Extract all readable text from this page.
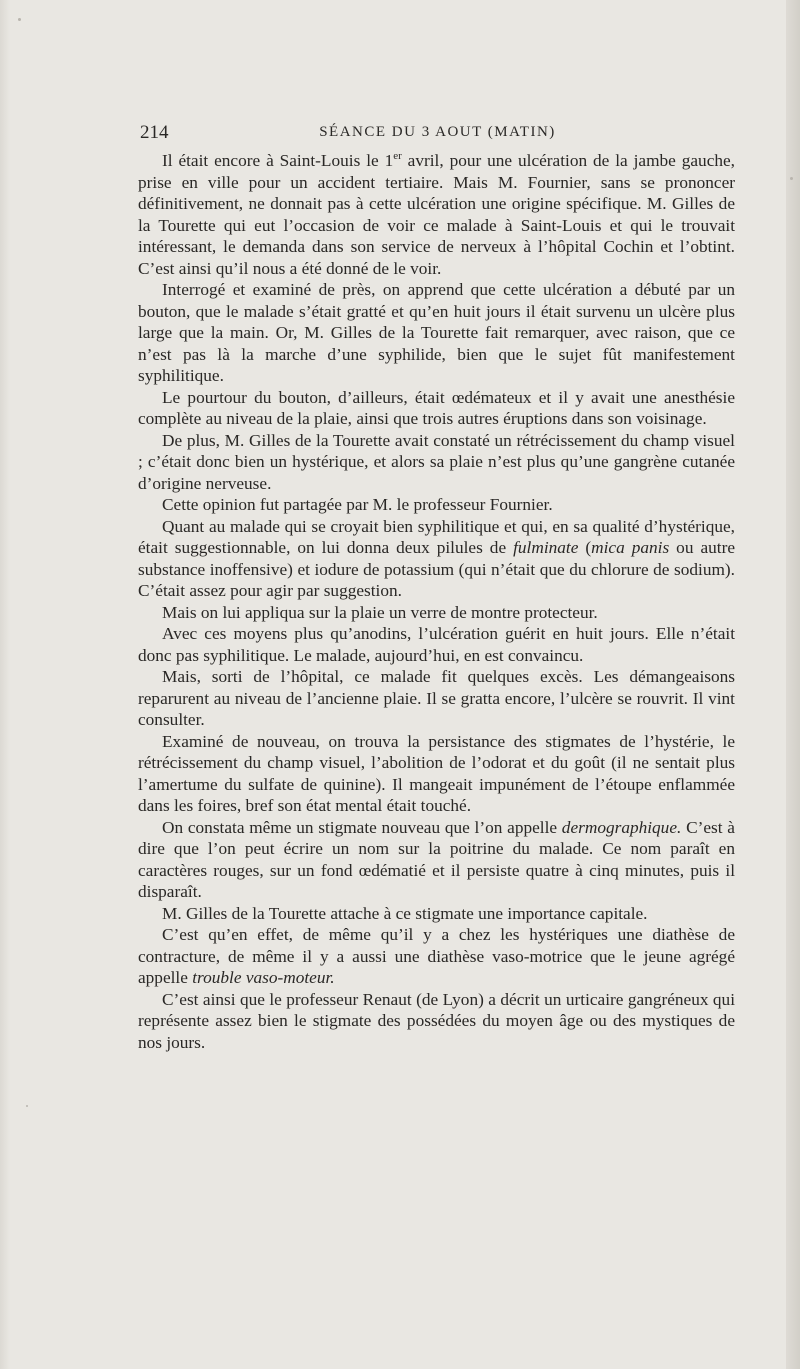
214	SÉANCE DU 3 AOUT (MATIN)

Il était encore à Saint-Louis le 1er avril, pour une ulcération de la jambe gauche, prise en ville pour un accident tertiaire. Mais M. Fournier, sans se prononcer définitivement, ne donnait pas à cette ulcération une origine spécifique. M. Gilles de la Tourette qui eut l’occasion de voir ce malade à Saint-Louis et qui le trouvait intéressant, le demanda dans son service de nerveux à l’hôpital Cochin et l’obtint. C’est ainsi qu’il nous a été donné de le voir.

Interrogé et examiné de près, on apprend que cette ulcération a débuté par un bouton, que le malade s’était gratté et qu’en huit jours il était survenu un ulcère plus large que la main. Or, M. Gilles de la Tourette fait remarquer, avec raison, que ce n’est pas là la marche d’une syphilide, bien que le sujet fût manifestement syphilitique.

Le pourtour du bouton, d’ailleurs, était œdémateux et il y avait une anesthésie complète au niveau de la plaie, ainsi que trois autres éruptions dans son voisinage.

De plus, M. Gilles de la Tourette avait constaté un rétrécissement du champ visuel ; c’était donc bien un hystérique, et alors sa plaie n’est plus qu’une gangrène cutanée d’origine nerveuse.

Cette opinion fut partagée par M. le professeur Fournier.

Quant au malade qui se croyait bien syphilitique et qui, en sa qualité d’hystérique, était suggestionnable, on lui donna deux pilules de fulminate (mica panis ou autre substance inoffensive) et iodure de potassium (qui n’était que du chlorure de sodium). C’était assez pour agir par suggestion.

Mais on lui appliqua sur la plaie un verre de montre protecteur.

Avec ces moyens plus qu’anodins, l’ulcération guérit en huit jours. Elle n’était donc pas syphilitique. Le malade, aujourd’hui, en est convaincu.

Mais, sorti de l’hôpital, ce malade fit quelques excès. Les démangeaisons reparurent au niveau de l’ancienne plaie. Il se gratta encore, l’ulcère se rouvrit. Il vint consulter.

Examiné de nouveau, on trouva la persistance des stigmates de l’hystérie, le rétrécissement du champ visuel, l’abolition de l’odorat et du goût (il ne sentait plus l’amertume du sulfate de quinine). Il mangeait impunément de l’étoupe enflammée dans les foires, bref son état mental était touché.

On constata même un stigmate nouveau que l’on appelle dermographique. C’est à dire que l’on peut écrire un nom sur la poitrine du malade. Ce nom paraît en caractères rouges, sur un fond œdématié et il persiste quatre à cinq minutes, puis il disparaît.

M. Gilles de la Tourette attache à ce stigmate une importance capitale.

C’est qu’en effet, de même qu’il y a chez les hystériques une diathèse de contracture, de même il y a aussi une diathèse vaso-motrice que le jeune agrégé appelle trouble vaso-moteur.

C’est ainsi que le professeur Renaut (de Lyon) a décrit un urticaire gangréneux qui représente assez bien le stigmate des possédées du moyen âge ou des mystiques de nos jours.
